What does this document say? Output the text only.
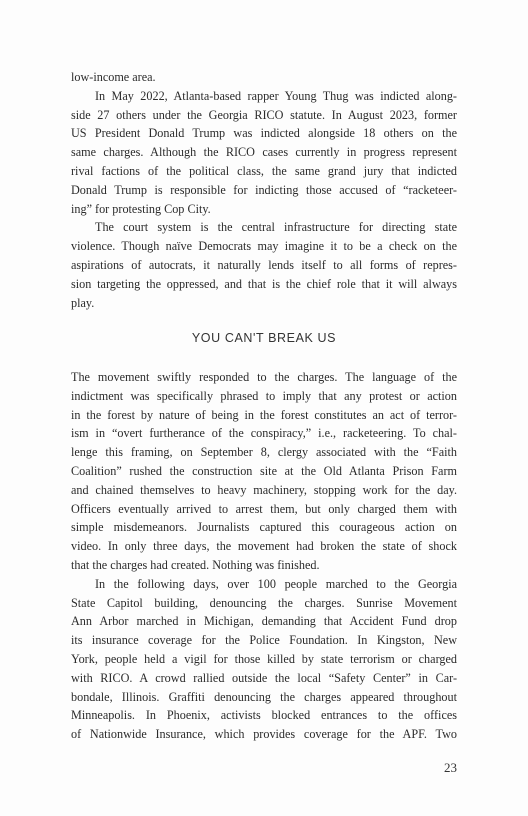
low-income area.
In May 2022, Atlanta-based rapper Young Thug was indicted along-
side 27 others under the Georgia RICO statute. In August 2023, former
US President Donald Trump was indicted alongside 18 others on the
same charges. Although the RICO cases currently in progress represent
rival factions of the political class, the same grand jury that indicted
Donald Trump is responsible for indicting those accused of “racketeer-
ing” for protesting Cop City.
The court system is the central infrastructure for directing state
violence. Though naïve Democrats may imagine it to be a check on the
aspirations of autocrats, it naturally lends itself to all forms of repres-
sion targeting the oppressed, and that is the chief role that it will always
play.
YOU CAN'T BREAK US
The movement swiftly responded to the charges. The language of the
indictment was specifically phrased to imply that any protest or action
in the forest by nature of being in the forest constitutes an act of terror-
ism in “overt furtherance of the conspiracy,” i.e., racketeering. To chal-
lenge this framing, on September 8, clergy associated with the “Faith
Coalition” rushed the construction site at the Old Atlanta Prison Farm
and chained themselves to heavy machinery, stopping work for the day.
Officers eventually arrived to arrest them, but only charged them with
simple misdemeanors. Journalists captured this courageous action on
video. In only three days, the movement had broken the state of shock
that the charges had created. Nothing was finished.
In the following days, over 100 people marched to the Georgia
State Capitol building, denouncing the charges. Sunrise Movement
Ann Arbor marched in Michigan, demanding that Accident Fund drop
its insurance coverage for the Police Foundation. In Kingston, New
York, people held a vigil for those killed by state terrorism or charged
with RICO. A crowd rallied outside the local “Safety Center” in Car-
bondale, Illinois. Graffiti denouncing the charges appeared throughout
Minneapolis. In Phoenix, activists blocked entrances to the offices
of Nationwide Insurance, which provides coverage for the APF. Two
23
